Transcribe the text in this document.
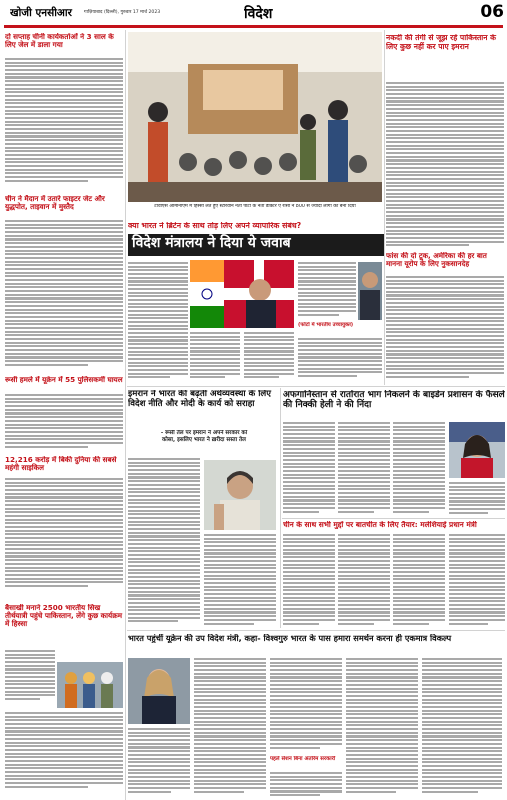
खोजी एनसीआर	गाज़ियाबाद (दिल्ली), गुरुवार 17 मार्च 2023	विदेश	06
दो सप्ताह चीनी कार्यकर्ताओं ने 3 साल के लिए जेल में डाला गया
चीन ने मैदान में उतारे फाइटर जेट और युद्धपोत, ताइवान में मुस्तैद
रूसी हमले में यूक्रेन में 55 पुलिसकर्मी घायल
12,216 करोड़ में बिकी दुनिया की सबसे महंगी साइकिल
बैसाखी मनाने 2500 भारतीय सिख तीर्थयात्री पहुंचे पाकिस्तान, लेंगे कुछ कार्यक्रम में हिस्सा
टीवीएस आर्मीनीएम में हिस्सा लेते हुए स्टारवीन नेता पार्टी के नेता डाक्टर ए रीसा ने 800 से ज्यादा लोगों को बना दिया
नकदी की तंगी से जूझ रहे पाकिस्तान के लिए कुछ नहीं कर पाए इमरान
क्या भारत ने ब्रिटेन के साथ तोड़ लिए अपने व्यापारिक संबंध?
विदेश मंत्रालय ने दिया ये जवाब
(फोटो में भारतीय उच्चायुक्त)
फांस की दो टूक, अमेरिका की हर बात मानना यूरोप के लिए नुकसानदेह
इमरान ने भारत की बढ़ती अर्थव्यवस्था के लिए विदेश नीति और मोदी के कार्य को सराहा
- रूसी तेल पर इमरान ने अपने सरकार को कोसा, इसलिए भारत ने ख़रीदा सस्ता तेल
अफगानिस्तान से रातोंरात भाग निकलने के बाइडेन प्रशासन के फैसले की निक्की हेली ने की निंदा
चीन के साथ सभी मुद्दों पर बातचीत के लिए तैयार: मलेशियाई प्रधान मंत्री
भारत पहुंचीं यूक्रेन की उप विदेश मंत्री, कहा- विश्वगुरु भारत के पास हमारा समर्थन करना ही एकमात्र विकल्प
पहले सेशन बिना अंतरिम सरकारी
